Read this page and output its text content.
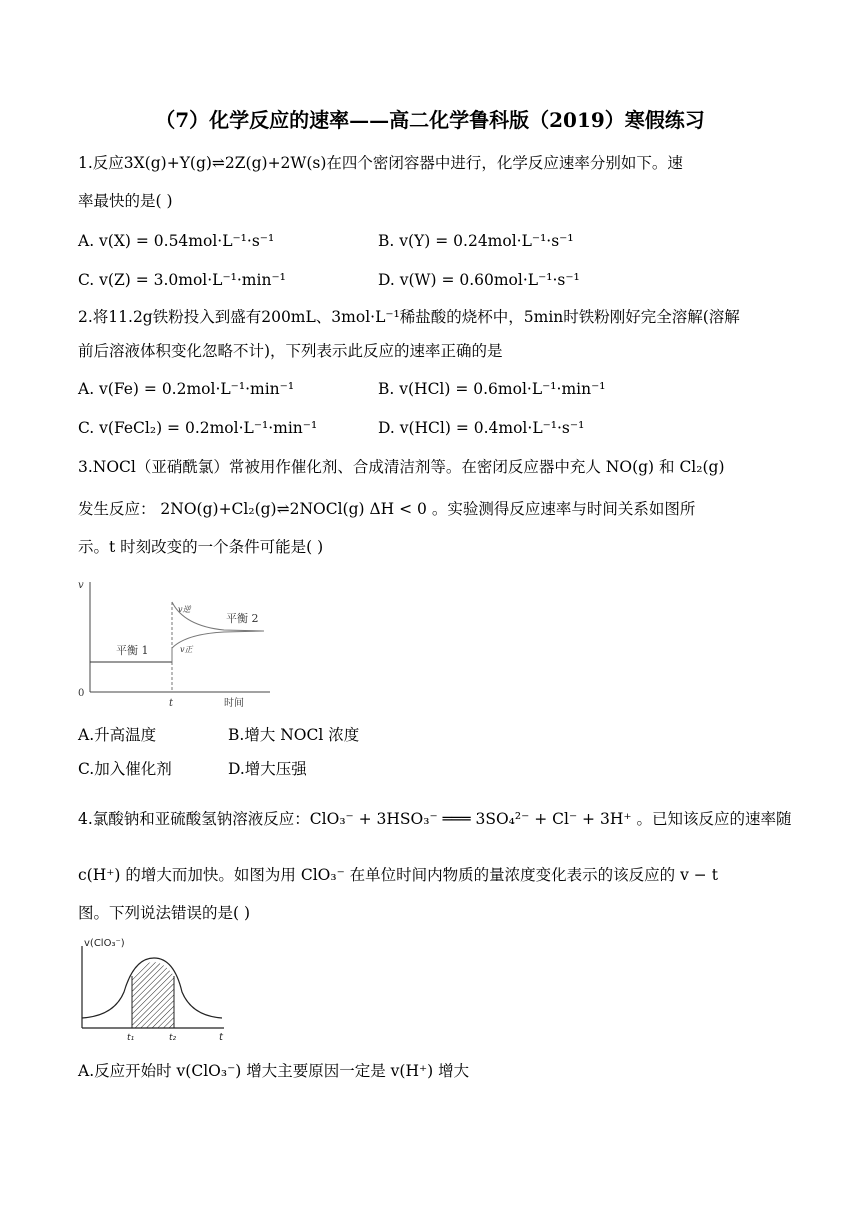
（7）化学反应的速率——高二化学鲁科版（2019）寒假练习
1.反应3X(g)+Y(g)⇌2Z(g)+2W(s)在四个密闭容器中进行，化学反应速率分别如下。速
率最快的是( )
A. v(X) = 0.54mol·L⁻¹·s⁻¹	B. v(Y) = 0.24mol·L⁻¹·s⁻¹
C. v(Z) = 3.0mol·L⁻¹·min⁻¹	D. v(W) = 0.60mol·L⁻¹·s⁻¹
2.将11.2g铁粉投入到盛有200mL、3mol·L⁻¹稀盐酸的烧杯中，5min时铁粉刚好完全溶解(溶解
前后溶液体积变化忽略不计)，下列表示此反应的速率正确的是
A. v(Fe) = 0.2mol·L⁻¹·min⁻¹	B. v(HCl) = 0.6mol·L⁻¹·min⁻¹
C. v(FeCl₂) = 0.2mol·L⁻¹·min⁻¹	D. v(HCl) = 0.4mol·L⁻¹·s⁻¹
3.NOCl（亚硝酰氯）常被用作催化剂、合成清洁剂等。在密闭反应器中充人 NO(g) 和 Cl₂(g)
发生反应： 2NO(g)+Cl₂(g)⇌2NOCl(g) ΔH < 0 。实验测得反应速率与时间关系如图所
示。t 时刻改变的一个条件可能是( )
v
0
t	时间
平衡 1
平衡 2
v逆
v正
A.升高温度	B.增大 NOCl 浓度
C.加入催化剂	D.增大压强
4.氯酸钠和亚硫酸氢钠溶液反应：ClO₃⁻ + 3HSO₃⁻ ═══ 3SO₄²⁻ + Cl⁻ + 3H⁺ 。已知该反应的速率随
c(H⁺) 的增大而加快。如图为用 ClO₃⁻ 在单位时间内物质的量浓度变化表示的该反应的 v − t
图。下列说法错误的是( )
v(ClO₃⁻)
t
t₁	t₂
A.反应开始时 v(ClO₃⁻) 增大主要原因一定是 v(H⁺) 增大
